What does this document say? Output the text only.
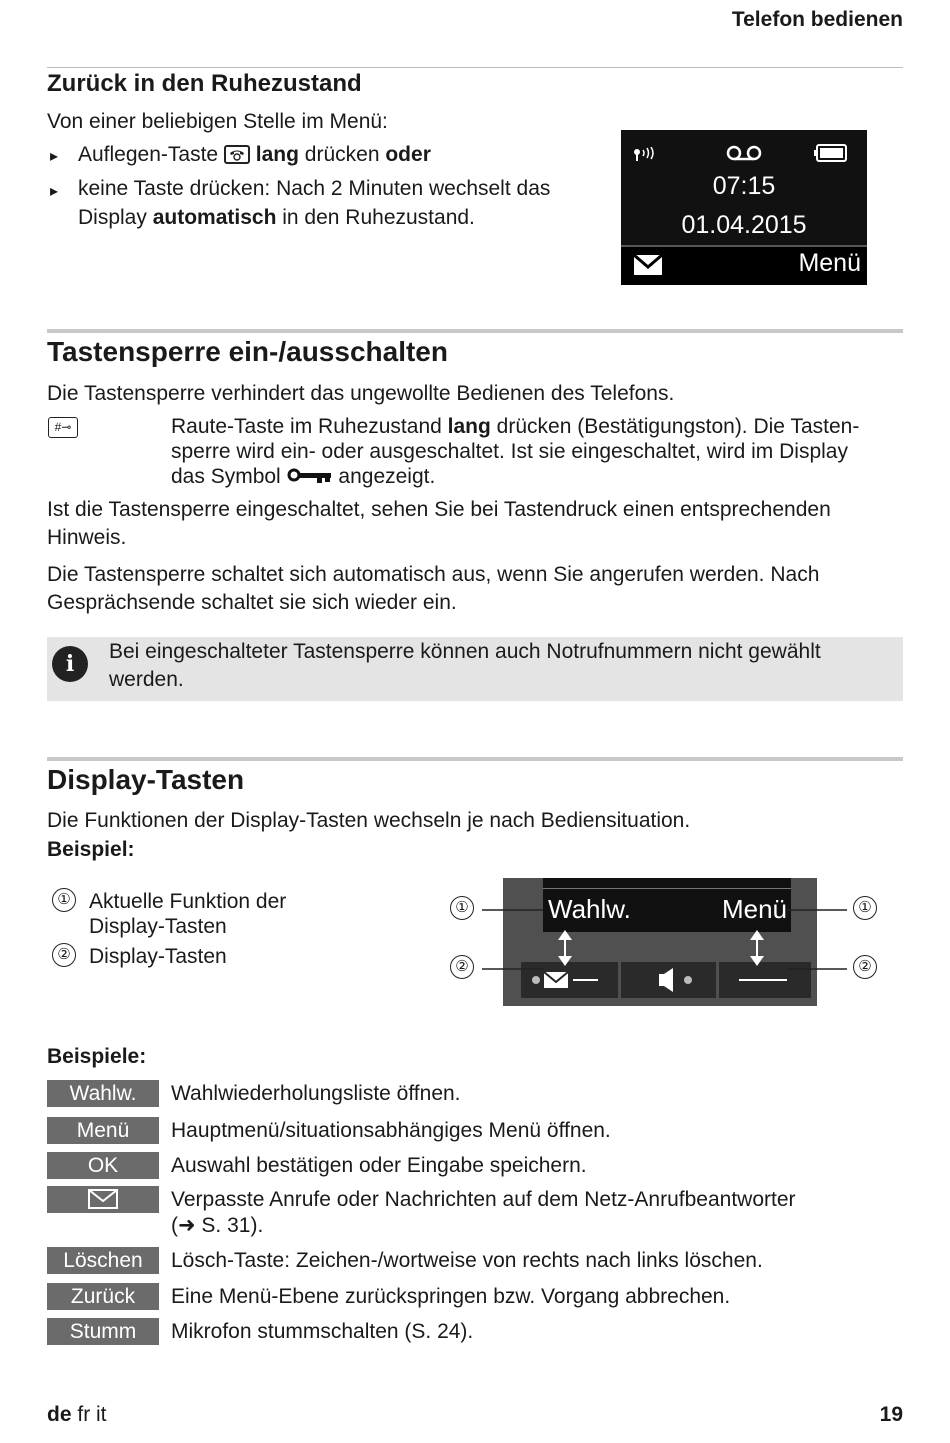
Telefon bedienen
Zurück in den Ruhezustand
Von einer beliebigen Stelle im Menü:
▸ Auflegen-Taste lang drücken oder
▸ keine Taste drücken: Nach 2 Minuten wechselt das
Display automatisch in den Ruhezustand.
07:15
01.04.2015
Menü
Tastensperre ein-/ausschalten
Die Tastensperre verhindert das ungewollte Bedienen des Telefons.
#⊸	Raute-Taste im Ruhezustand lang drücken (Bestätigungston). Die Tasten-
sperre wird ein- oder ausgeschaltet. Ist sie eingeschaltet, wird im Display
das Symbol	angezeigt.
Ist die Tastensperre eingeschaltet, sehen Sie bei Tastendruck einen entsprechenden Hinweis.
Die Tastensperre schaltet sich automatisch aus, wenn Sie angerufen werden. Nach Gesprächsende schaltet sie sich wieder ein.
i	Bei eingeschalteter Tastensperre können auch Notrufnummern nicht gewählt werden.
Display-Tasten
Die Funktionen der Display-Tasten wechseln je nach Bediensituation.
Beispiel:
① Aktuelle Funktion der
Display-Tasten
② Display-Tasten
Wahlw.	Menü
①
②
①
②
Beispiele:
Wahlw.	Wahlwiederholungsliste öffnen.
Menü	Hauptmenü/situationsabhängiges Menü öffnen.
OK	Auswahl bestätigen oder Eingabe speichern.
Verpasste Anrufe oder Nachrichten auf dem Netz-Anrufbeantworter
(➜ S. 31).
Löschen	Lösch-Taste: Zeichen-/wortweise von rechts nach links löschen.
Zurück	Eine Menü-Ebene zurückspringen bzw. Vorgang abbrechen.
Stumm	Mikrofon stummschalten (S. 24).
de fr it	19
